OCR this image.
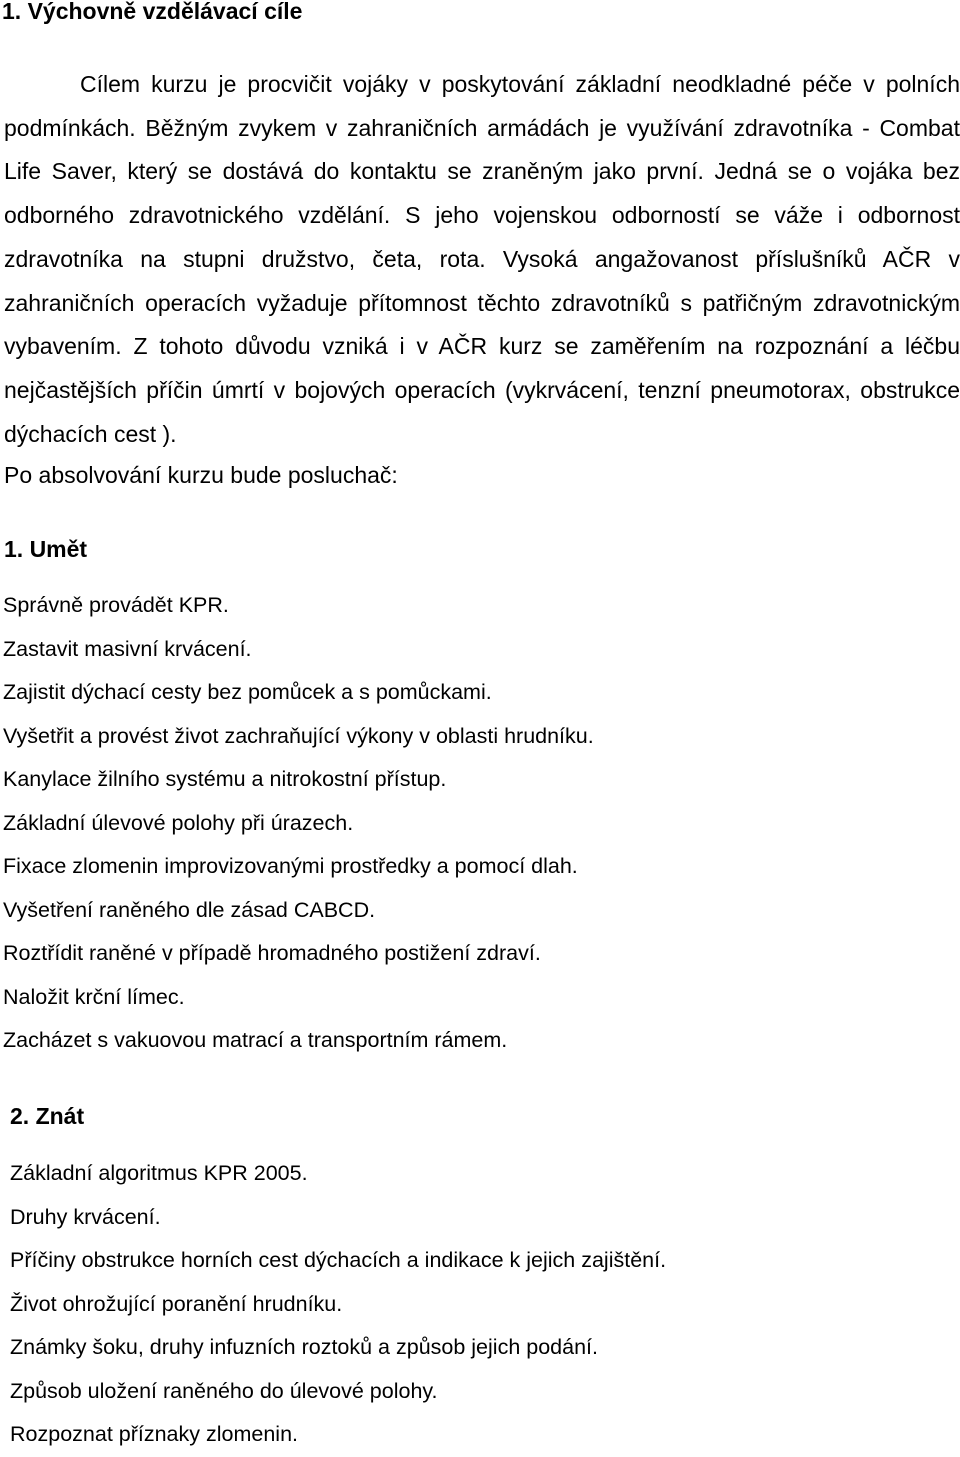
1. Výchovně vzdělávací cíle

Cílem kurzu je procvičit vojáky v poskytování základní neodkladné péče v polních podmínkách. Běžným zvykem v zahraničních armádách je využívání zdravotníka - Combat Life Saver, který se dostává do kontaktu se zraněným jako první. Jedná se o vojáka bez odborného zdravotnického vzdělání. S jeho vojenskou odborností se váže i odbornost zdravotníka na stupni družstvo, četa, rota. Vysoká angažovanost příslušníků AČR v zahraničních operacích vyžaduje přítomnost těchto zdravotníků s patřičným zdravotnickým vybavením. Z tohoto důvodu vzniká i v AČR kurz se zaměřením na rozpoznání a léčbu nejčastějších příčin úmrtí v bojových operacích (vykrvácení, tenzní pneumotorax, obstrukce dýchacích cest ).

Po absolvování kurzu bude posluchač:
1. Umět
Správně provádět KPR.
Zastavit masivní krvácení.
Zajistit dýchací cesty bez pomůcek a s pomůckami.
Vyšetřit a provést život zachraňující výkony v oblasti hrudníku.
Kanylace žilního systému a nitrokostní přístup.
Základní úlevové polohy při úrazech.
Fixace zlomenin improvizovanými prostředky a pomocí dlah.
Vyšetření raněného dle zásad CABCD.
Roztřídit raněné v případě hromadného postižení zdraví.
Naložit krční límec.
Zacházet s vakuovou matrací a transportním rámem.
2. Znát
Základní algoritmus KPR 2005.
Druhy krvácení.
Příčiny obstrukce horních cest dýchacích a indikace k jejich zajištění.
Život ohrožující poranění hrudníku.
Známky šoku, druhy infuzních roztoků a způsob jejich podání.
Způsob uložení raněného do úlevové polohy.
Rozpoznat příznaky zlomenin.
